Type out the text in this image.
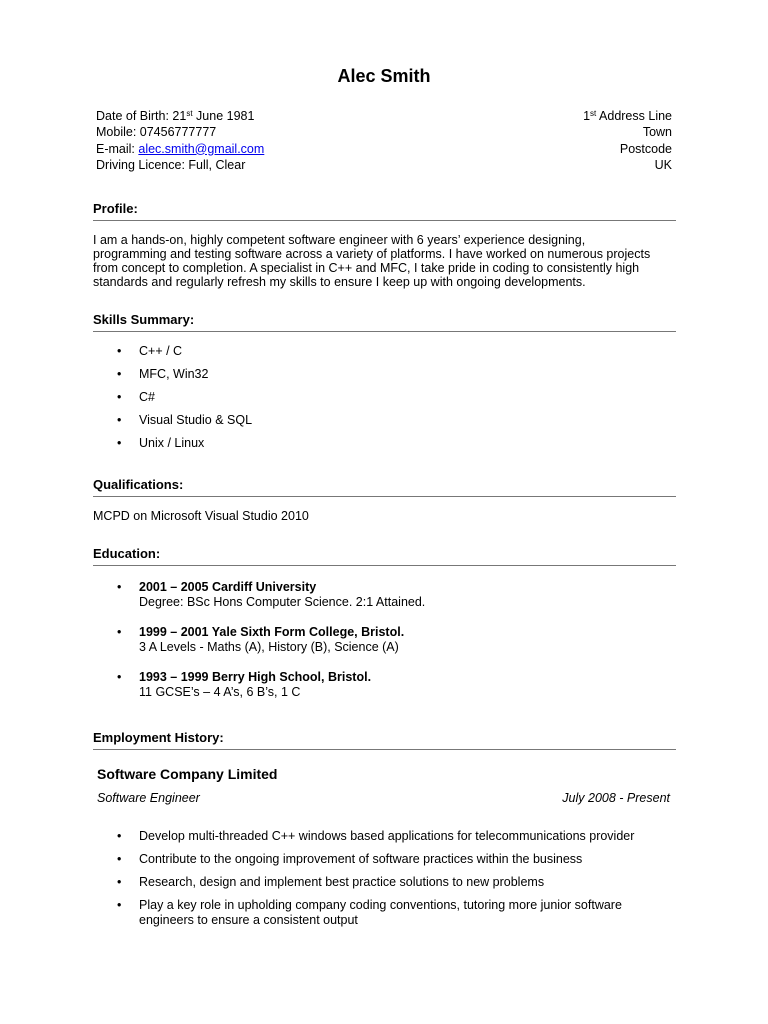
Alec Smith
Date of Birth: 21st June 1981
Mobile: 07456777777
E-mail: alec.smith@gmail.com
Driving Licence: Full, Clear
1st Address Line
Town
Postcode
UK
Profile:
I am a hands-on, highly competent software engineer with 6 years’ experience designing,
programming and testing software across a variety of platforms. I have worked on numerous projects
from concept to completion. A specialist in C++ and MFC, I take pride in coding to consistently high
standards and regularly refresh my skills to ensure I keep up with ongoing developments.
Skills Summary:
• C++ / C
• MFC, Win32
• C#
• Visual Studio & SQL
• Unix / Linux
Qualifications:
MCPD on Microsoft Visual Studio 2010
Education:
• 2001 – 2005 Cardiff University
Degree: BSc Hons Computer Science. 2:1 Attained.
• 1999 – 2001 Yale Sixth Form College, Bristol.
3 A Levels - Maths (A), History (B), Science (A)
• 1993 – 1999 Berry High School, Bristol.
11 GCSE’s – 4 A’s, 6 B’s, 1 C
Employment History:
Software Company Limited
Software Engineer	July 2008 - Present
• Develop multi-threaded C++ windows based applications for telecommunications provider
• Contribute to the ongoing improvement of software practices within the business
• Research, design and implement best practice solutions to new problems
• Play a key role in upholding company coding conventions, tutoring more junior software
engineers to ensure a consistent output
